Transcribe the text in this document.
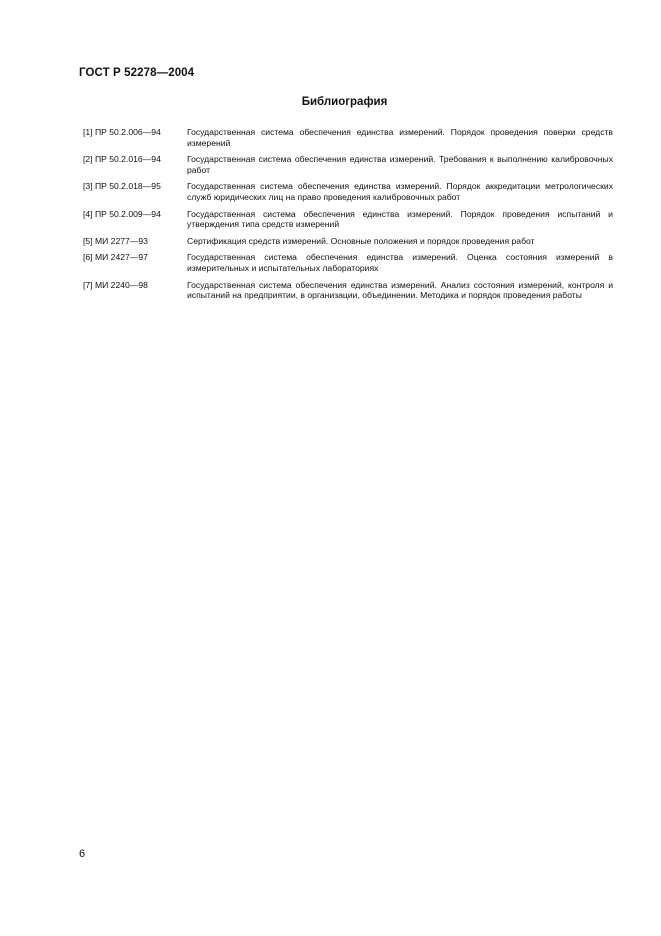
ГОСТ Р 52278—2004
Библиография
[1] ПР 50.2.006—94	Государственная система обеспечения единства измерений. Порядок проведения поверки средств измерений
[2] ПР 50.2.016—94	Государственная система обеспечения единства измерений. Требования к выполнению калибровочных работ
[3] ПР 50.2.018—95	Государственная система обеспечения единства измерений. Порядок аккредитации метрологических служб юридических лиц на право проведения калибровочных работ
[4] ПР 50.2.009—94	Государственная система обеспечения единства измерений. Порядок проведения испытаний и утверждения типа средств измерений
[5] МИ 2277—93	Сертификация средств измерений. Основные положения и порядок проведения работ
[6] МИ 2427—97	Государственная система обеспечения единства измерений. Оценка состояния измерений в измерительных и испытательных лабораториях
[7] МИ 2240—98	Государственная система обеспечения единства измерений. Анализ состояния измерений, контроля и испытаний на предприятии, в организации, объединении. Методика и порядок проведения работы
6
